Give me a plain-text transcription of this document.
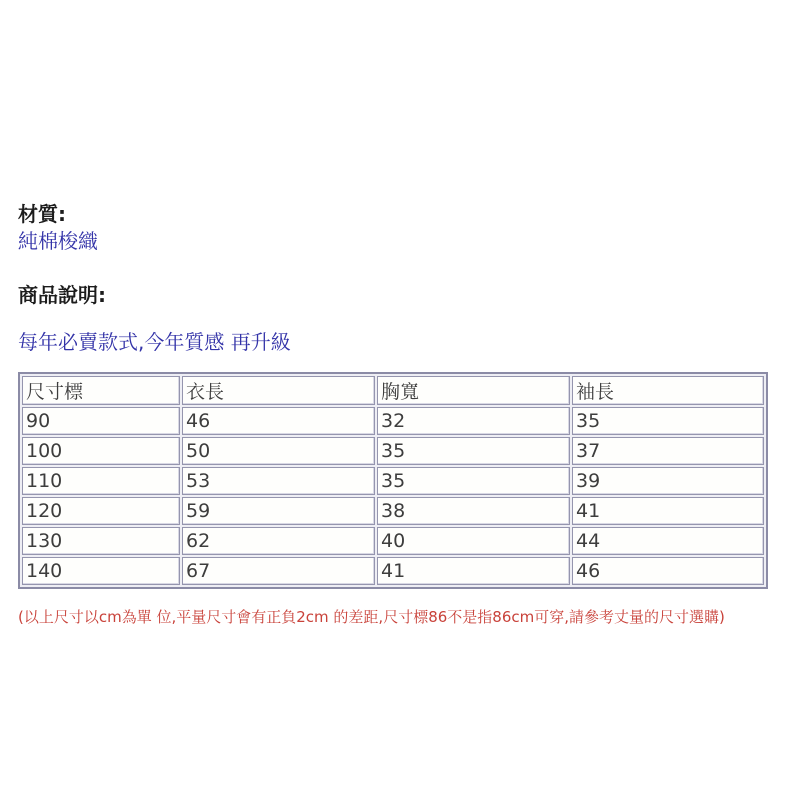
材質:
純棉梭織
商品說明:
每年必賣款式,今年質感 再升級
尺寸標	衣長	胸寬	袖長
90	46	32	35
100	50	35	37
110	53	35	39
120	59	38	41
130	62	40	44
140	67	41	46
(以上尺寸以cm為單 位,平量尺寸會有正負2cm 的差距,尺寸標86不是指86cm可穿,請參考丈量的尺寸選購)
